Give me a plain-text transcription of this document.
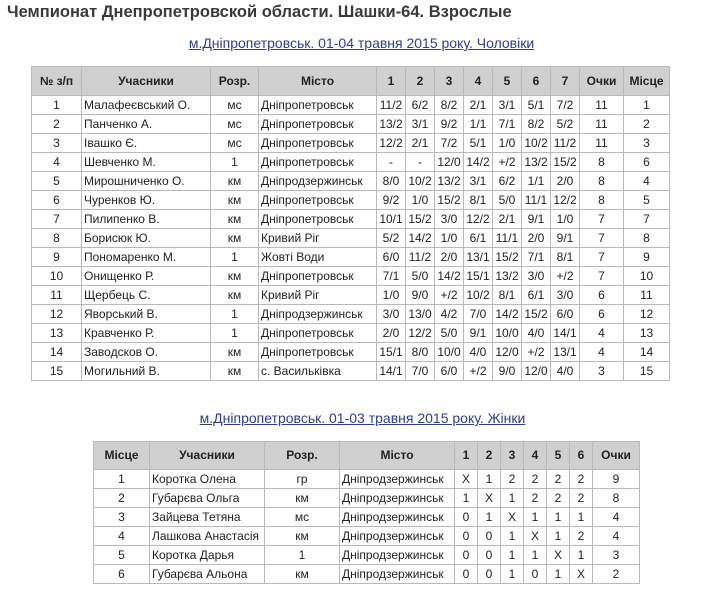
Чемпионат Днепропетровской области. Шашки-64. Взрослые
м.Дніпропетровськ. 01-04 травня 2015 року. Чоловіки
№ з/п	Учасники	Розр.	Місто	1	2	3	4	5	6	7	Очки	Місце
1	Малафеєвський О.	мс	Дніпропетровськ	11/2	6/2	8/2	2/1	3/1	5/1	7/2	11	1
2	Панченко А.	мс	Дніпропетровськ	13/2	3/1	9/2	1/1	7/1	8/2	5/2	11	2
3	Івашко Є.	мс	Дніпропетровськ	12/2	2/1	7/2	5/1	1/0	10/2	11/2	11	3
4	Шевченко М.	1	Дніпропетровськ	-	-	12/0	14/2	+/2	13/2	15/2	8	6
5	Мирошниченко О.	км	Днiпродзержинськ	8/0	10/2	13/2	3/1	6/2	1/1	2/0	8	4
6	Чуренков Ю.	км	Дніпропетровськ	9/2	1/0	15/2	8/1	5/0	11/1	12/2	8	5
7	Пилипенко В.	км	Дніпропетровськ	10/1	15/2	3/0	12/2	2/1	9/1	1/0	7	7
8	Борисюк Ю.	км	Кривий Ріг	5/2	14/2	1/0	6/1	11/1	2/0	9/1	7	8
9	Пономаренко М.	1	Жовті Води	6/0	11/2	2/0	13/1	15/2	7/1	8/1	7	9
10	Онищенко Р.	км	Дніпропетровськ	7/1	5/0	14/2	15/1	13/2	3/0	+/2	7	10
11	Щербець С.	км	Кривий Ріг	1/0	9/0	+/2	10/2	8/1	6/1	3/0	6	11
12	Яворський В.	1	Дніпродзержинськ	3/0	13/0	4/2	7/0	14/2	15/2	6/0	6	12
13	Кравченко Р.	1	Дніпропетровськ	2/0	12/2	5/0	9/1	10/0	4/0	14/1	4	13
14	Заводсков О.	км	Дніпропетровськ	15/1	8/0	10/0	4/0	12/0	+/2	13/1	4	14
15	Могильний В.	км	с. Васильківка	14/1	7/0	6/0	+/2	9/0	12/0	4/0	3	15
м.Дніпропетровськ. 01-03 травня 2015 року. Жінки
Місце	Учасники	Розр.	Місто	1	2	3	4	5	6	Очки
1	Коротка Олена	гр	Дніпродзержинськ	Х	1	2	2	2	2	9
2	Губарєва Ольга	км	Дніпродзержинськ	1	Х	1	2	2	2	8
3	Зайцева Тетяна	мс	Дніпродзержинськ	0	1	Х	1	1	1	4
4	Лашкова Анастасія	км	Дніпродзержинськ	0	0	1	Х	1	2	4
5	Коротка Дарья	1	Дніпродзержинськ	0	0	1	1	Х	1	3
6	Губарєва Альона	км	Дніпродзержинськ	0	0	1	0	1	Х	2
